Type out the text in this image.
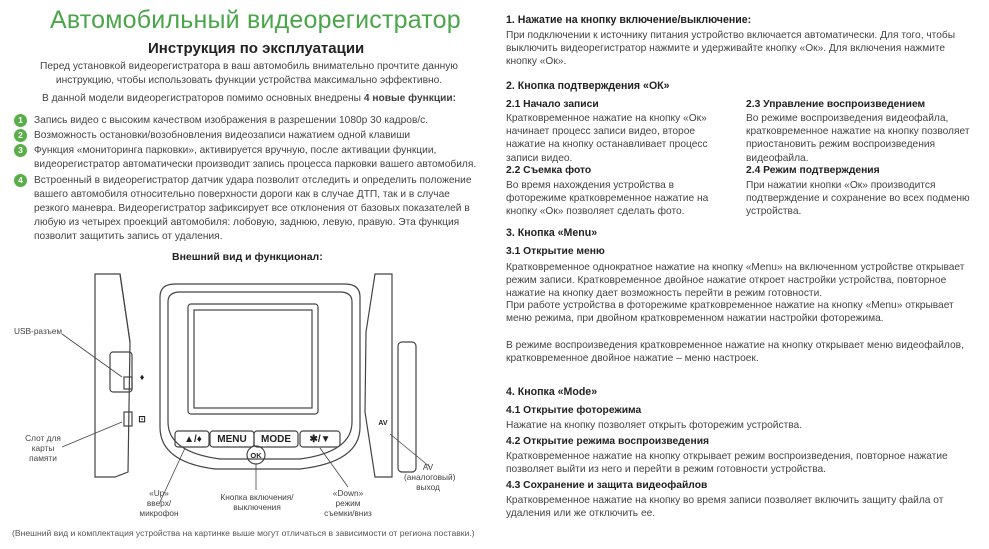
Автомобильный видеорегистратор
Инструкция по эксплуатации
Перед установкой видеорегистратора в ваш автомобиль внимательно прочтите данную инструкцию, чтобы использовать функции устройства максимально эффективно.
В данной модели видеорегистраторов помимо основных внедрены 4 новые функции:
1	Запись видео с высоким качеством изображения в разрешении 1080р 30 кадров/с.
2	Возможность остановки/возобновления видеозаписи нажатием одной клавиши
3	Функция «мониторинга парковки», активируется вручную, после активации функции, видеорегистратор автоматически производит запись процесса парковки вашего автомобиля.
4	Встроенный в видеорегистратор датчик удара позволит отследить и определить положение вашего автомобиля относительно поверхности дороги как в случае ДТП, так и в случае резкого маневра. Видеорегистратор зафиксирует все отклонения от базовых показателей в любую из четырех проекций автомобиля: лобовую, заднюю, левую, правую. Эта функция позволит защитить запись от удаления.
Внешний вид и функционал:
▲/♦	MENU	MODE	✱/▼
OK
♦
⊡	AV
USB-разъем
Слот для карты памяти
«Up» вверх/ микрофон
Кнопка включения/выключения
«Down» режим съемки/вниз
AV (аналоговый) выход
(Внешний вид и комплектация устройства на картинке выше могут отличаться в зависимости от региона поставки.)
1. Нажатие на кнопку включение/выключение:
При подключении к источнику питания устройство включается автоматически. Для того, чтобы выключить видеорегистратор нажмите и удерживайте кнопку «Ок». Для включения нажмите кнопку «Ок».
2. Кнопка подтверждения «ОК»
2.1 Начало записи
Кратковременное нажатие на кнопку «Ок» начинает процесс записи видео, второе нажатие на кнопку останавливает процесс записи видео.
2.2 Съемка фото
Во время нахождения устройства в фоторежиме кратковременное нажатие на кнопку «Ок» позволяет сделать фото.
2.3 Управление воспроизведением
Во режиме воспроизведения видеофайла, кратковременное нажатие на кнопку позволяет приостановить режим воспроизведения видеофайла.
2.4 Режим подтверждения
При нажатии кнопки «Ок» производится подтверждение и сохранение во всех подменю устройства.
3. Кнопка «Menu»
3.1 Открытие меню
Кратковременное однократное нажатие на кнопку «Menu» на включенном устройстве открывает режим записи. Кратковременное двойное нажатие откроет настройки устройства, повторное нажатие на кнопку дает возможность перейти в режим готовности.
При работе устройства в фоторежиме кратковременное нажатие на кнопку «Menu» открывает меню режима, при двойном кратковременном нажатии настройки фоторежима.
В режиме воспроизведения кратковременное нажатие на кнопку открывает меню видеофайлов, кратковременное двойное нажатие – меню настроек.
4. Кнопка «Mode»
4.1 Открытие фоторежима
Нажатие на кнопку позволяет открыть фоторежим устройства.
4.2 Открытие режима воспроизведения
Кратковременное нажатие на кнопку открывает режим воспроизведения, повторное нажатие позволяет выйти из него и перейти в режим готовности устройства.
4.3 Сохранение и защита видеофайлов
Кратковременное нажатие на кнопку во время записи позволяет включить защиту файла от удаления или же отключить ее.
